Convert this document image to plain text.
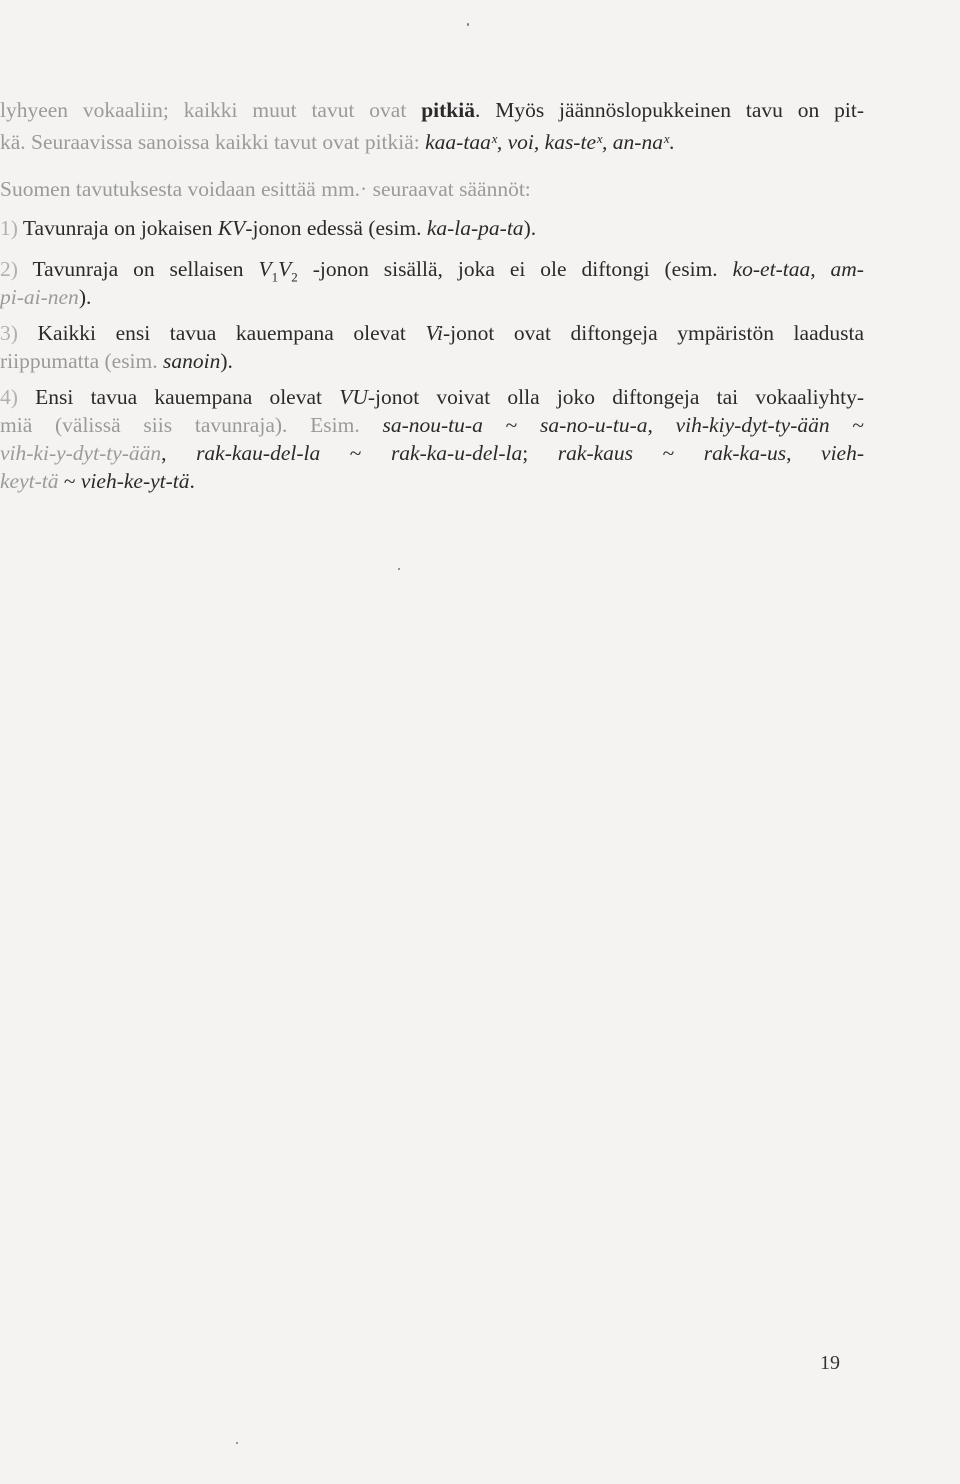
lyhyeen vokaaliin; kaikki muut tavut ovat pitkiä. Myös jäännöslopukkeinen tavu on pit-
kä. Seuraavissa sanoissa kaikki tavut ovat pitkiä: kaa-taaˣ, voi, kas-teˣ, an-naˣ.
Suomen tavutuksesta voidaan esittää mm.· seuraavat säännöt:
1) Tavunraja on jokaisen KV-jonon edessä (esim. ka-la-pa-ta).
2) Tavunraja on sellaisen $V_1V_2$ -jonon sisällä, joka ei ole diftongi (esim. ko-et-taa, am-
pi-ai-nen).
3) Kaikki ensi tavua kauempana olevat Vi-jonot ovat diftongeja ympäristön laadusta
riippumatta (esim. sanoin).
4) Ensi tavua kauempana olevat VU-jonot voivat olla joko diftongeja tai vokaaliyhty-
miä (välissä siis tavunraja). Esim. sa-nou-tu-a ~ sa-no-u-tu-a, vih-kiy-dyt-ty-ään ~
vih-ki-y-dyt-ty-ään, rak-kau-del-la ~ rak-ka-u-del-la; rak-kaus ~ rak-ka-us, vieh-
keyt-tä ~ vieh-ke-yt-tä.
19
